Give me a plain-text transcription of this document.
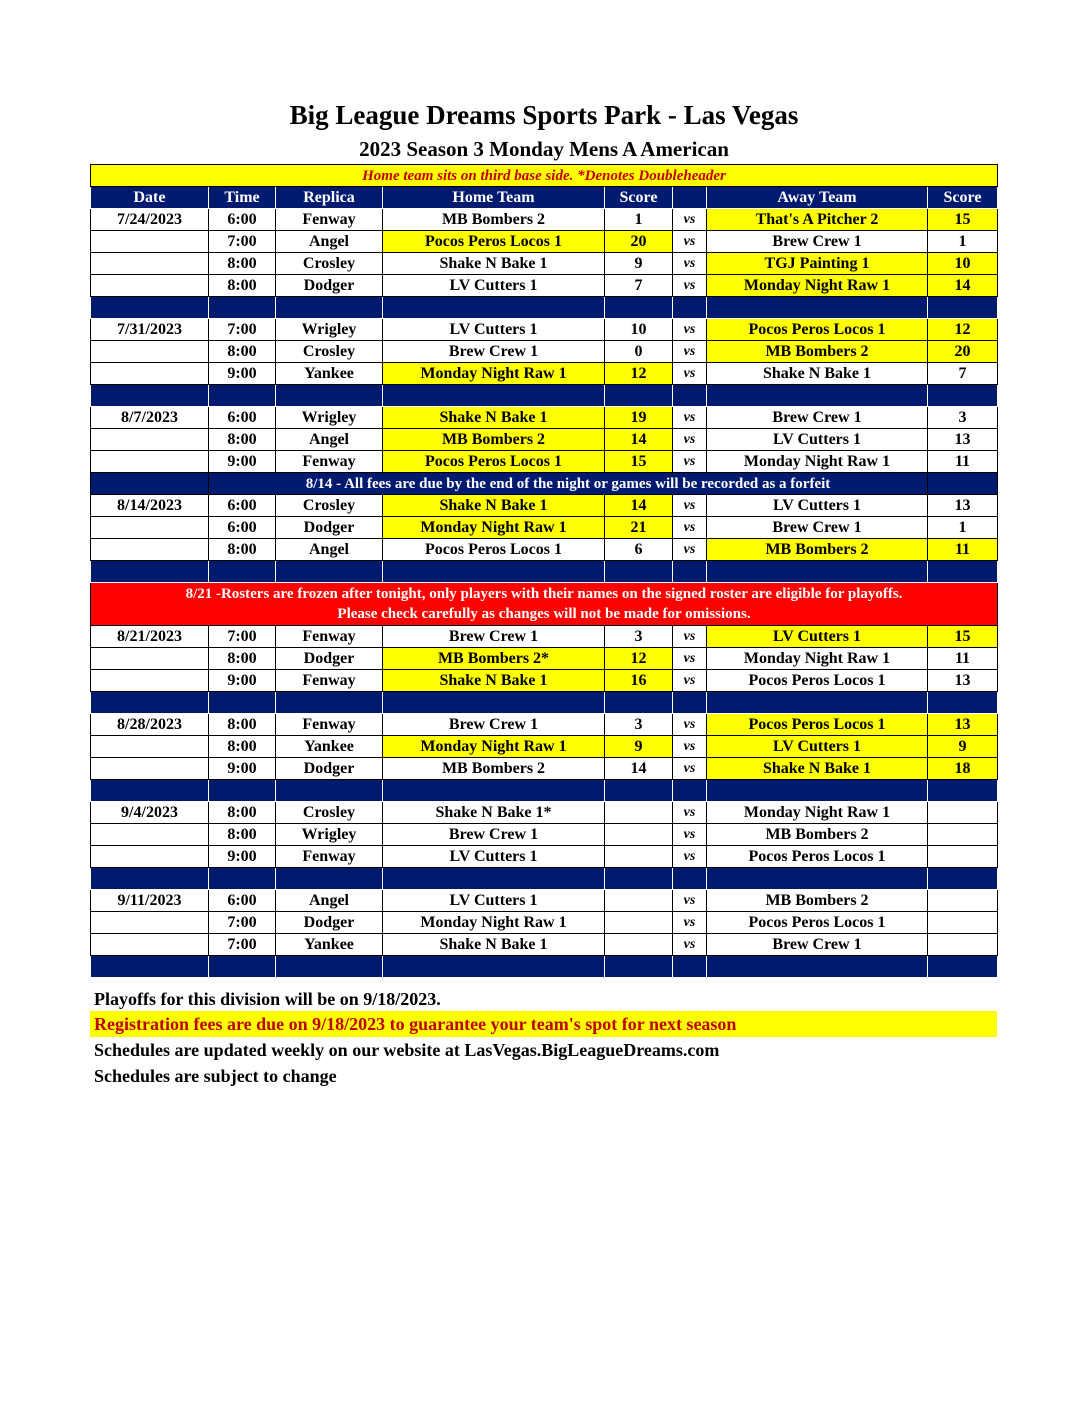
Big League Dreams Sports Park - Las Vegas
2023 Season 3 Monday Mens A American
Home team sits on third base side. *Denotes Doubleheader							
Date	Time	Replica	Home Team	Score		Away Team	Score
7/24/2023	6:00	Fenway	MB Bombers 2	1	vs	That's A Pitcher 2	15
	7:00	Angel	Pocos Peros Locos 1	20	vs	Brew Crew 1	1
	8:00	Crosley	Shake N Bake 1	9	vs	TGJ Painting 1	10
	8:00	Dodger	LV Cutters 1	7	vs	Monday Night Raw 1	14

7/31/2023	7:00	Wrigley	LV Cutters 1	10	vs	Pocos Peros Locos 1	12
	8:00	Crosley	Brew Crew 1	0	vs	MB Bombers 2	20
	9:00	Yankee	Monday Night Raw 1	12	vs	Shake N Bake 1	7

8/7/2023	6:00	Wrigley	Shake N Bake 1	19	vs	Brew Crew 1	3
	8:00	Angel	MB Bombers 2	14	vs	LV Cutters 1	13
	9:00	Fenway	Pocos Peros Locos 1	15	vs	Monday Night Raw 1	11
	8/14 - All fees are due by the end of the night or games will be recorded as a forfeit						
8/14/2023	6:00	Crosley	Shake N Bake 1	14	vs	LV Cutters 1	13
	6:00	Dodger	Monday Night Raw 1	21	vs	Brew Crew 1	1
	8:00	Angel	Pocos Peros Locos 1	6	vs	MB Bombers 2	11

8/21 -Rosters are frozen after tonight, only players with their names on the signed roster are eligible for playoffs.
Please check carefully as changes will not be made for omissions.							

8/21/2023	7:00	Fenway	Brew Crew 1	3	vs	LV Cutters 1	15
	8:00	Dodger	MB Bombers 2*	12	vs	Monday Night Raw 1	11
	9:00	Fenway	Shake N Bake 1	16	vs	Pocos Peros Locos 1	13

8/28/2023	8:00	Fenway	Brew Crew 1	3	vs	Pocos Peros Locos 1	13
	8:00	Yankee	Monday Night Raw 1	9	vs	LV Cutters 1	9
	9:00	Dodger	MB Bombers 2	14	vs	Shake N Bake 1	18

9/4/2023	8:00	Crosley	Shake N Bake 1*		vs	Monday Night Raw 1	
	8:00	Wrigley	Brew Crew 1		vs	MB Bombers 2	
	9:00	Fenway	LV Cutters 1		vs	Pocos Peros Locos 1	

9/11/2023	6:00	Angel	LV Cutters 1		vs	MB Bombers 2	
	7:00	Dodger	Monday Night Raw 1		vs	Pocos Peros Locos 1	
	7:00	Yankee	Shake N Bake 1		vs	Brew Crew 1	

Playoffs for this division will be on 9/18/2023.
Registration fees are due on 9/18/2023 to guarantee your team's spot for next season
Schedules are updated weekly on our website at LasVegas.BigLeagueDreams.com
Schedules are subject to change
